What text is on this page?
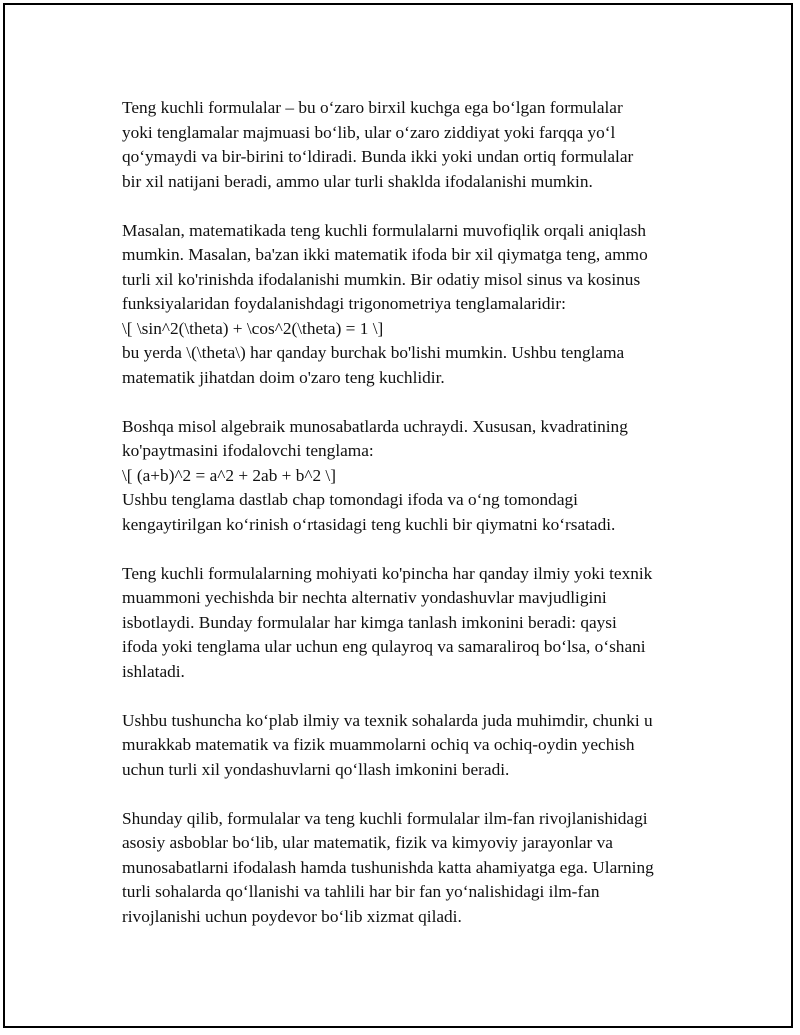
Teng kuchli formulalar – bu o‘zaro birxil kuchga ega bo‘lgan formulalar
yoki tenglamalar majmuasi bo‘lib, ular o‘zaro ziddiyat yoki farqqa yo‘l
qo‘ymaydi va bir-birini to‘ldiradi. Bunda ikki yoki undan ortiq formulalar
bir xil natijani beradi, ammo ular turli shaklda ifodalanishi mumkin.

Masalan, matematikada teng kuchli formulalarni muvofiqlik orqali aniqlash
mumkin. Masalan, ba'zan ikki matematik ifoda bir xil qiymatga teng, ammo
turli xil ko'rinishda ifodalanishi mumkin. Bir odatiy misol sinus va kosinus
funksiyalaridan foydalanishdagi trigonometriya tenglamalaridir:
\[ \sin^2(\theta) + \cos^2(\theta) = 1 \]
bu yerda \(\theta\) har qanday burchak bo'lishi mumkin. Ushbu tenglama
matematik jihatdan doim o'zaro teng kuchlidir.

Boshqa misol algebraik munosabatlarda uchraydi. Xususan, kvadratining
ko'paytmasini ifodalovchi tenglama:
\[ (a+b)^2 = a^2 + 2ab + b^2 \]
Ushbu tenglama dastlab chap tomondagi ifoda va o‘ng tomondagi
kengaytirilgan ko‘rinish o‘rtasidagi teng kuchli bir qiymatni ko‘rsatadi.

Teng kuchli formulalarning mohiyati ko'pincha har qanday ilmiy yoki texnik
muammoni yechishda bir nechta alternativ yondashuvlar mavjudligini
isbotlaydi. Bunday formulalar har kimga tanlash imkonini beradi: qaysi
ifoda yoki tenglama ular uchun eng qulayroq va samaraliroq bo‘lsa, o‘shani
ishlatadi.

Ushbu tushuncha ko‘plab ilmiy va texnik sohalarda juda muhimdir, chunki u
murakkab matematik va fizik muammolarni ochiq va ochiq-oydin yechish
uchun turli xil yondashuvlarni qo‘llash imkonini beradi.

Shunday qilib, formulalar va teng kuchli formulalar ilm-fan rivojlanishidagi
asosiy asboblar bo‘lib, ular matematik, fizik va kimyoviy jarayonlar va
munosabatlarni ifodalash hamda tushunishda katta ahamiyatga ega. Ularning
turli sohalarda qo‘llanishi va tahlili har bir fan yo‘nalishidagi ilm-fan
rivojlanishi uchun poydevor bo‘lib xizmat qiladi.
